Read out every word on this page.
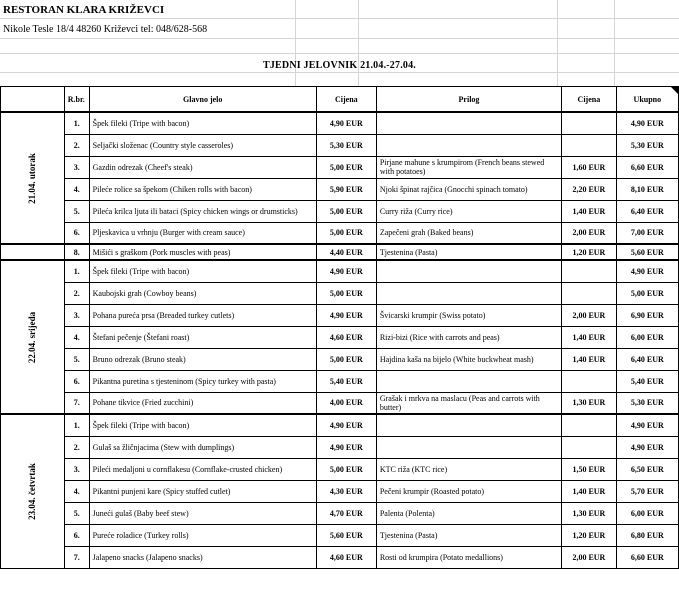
RESTORAN KLARA KRIŽEVCI
Nikole Tesle 18/4 48260 Križevci tel: 048/628-568
TJEDNI JELOVNIK 21.04.-27.04.
	R.br.	Glavno jelo	Cijena	Prilog	Cijena	Ukupno

21.04. utorak	1.	Špek fileki (Tripe with bacon)	4,90 EUR			4,90 EUR
	2.	Seljački složenac (Country style casseroles)	5,30 EUR			5,30 EUR
	3.	Gazdin odrezak (Cheef's steak)	5,00 EUR	Pirjane mahune s krumpirom (French beans stewed with potatoes)	1,60 EUR	6,60 EUR
	4.	Pileće rolice sa špekom (Chiken rolls with bacon)	5,90 EUR	Njoki špinat rajčica (Gnocchi spinach tomato)	2,20 EUR	8,10 EUR
	5.	Pileća krilca ljuta ili bataci (Spicy chicken wings or drumsticks)	5,00 EUR	Curry riža (Curry rice)	1,40 EUR	6,40 EUR
	6.	Pljeskavica u vrhnju (Burger with cream sauce)	5,00 EUR	Zapečeni grah (Baked beans)	2,00 EUR	7,00 EUR
	8.	Mišići s graškom (Pork muscles with peas)	4,40 EUR	Tjestenina (Pasta)	1,20 EUR	5,60 EUR
22.04. srijeda	1.	Špek fileki (Tripe with bacon)	4,90 EUR			4,90 EUR
	2.	Kaubojski grah (Cowboy beans)	5,00 EUR			5,00 EUR
	3.	Pohana pureća prsa (Breaded turkey cutlets)	4,90 EUR	Švicarski krumpir (Swiss potato)	2,00 EUR	6,90 EUR
	4.	Štefani pečenje (Štefani roast)	4,60 EUR	Rizi-bizi (Rice with carrots and peas)	1,40 EUR	6,00 EUR
	5.	Bruno odrezak (Bruno steak)	5,00 EUR	Hajdina kaša na bijelo (White buckwheat mash)	1,40 EUR	6,40 EUR
	6.	Pikantna puretina s tjesteninom (Spicy turkey with pasta)	5,40 EUR			5,40 EUR
	7.	Pohane tikvice (Fried zucchini)	4,00 EUR	Grašak i mrkva na maslacu (Peas and carrots with butter)	1,30 EUR	5,30 EUR
23.04. četvrtak	1.	Špek fileki (Tripe with bacon)	4,90 EUR			4,90 EUR
	2.	Gulaš sa žličnjacima (Stew with dumplings)	4,90 EUR			4,90 EUR
	3.	Pileći medaljoni u cornflakesu (Cornflake-crusted chicken)	5,00 EUR	KTC riža (KTC rice)	1,50 EUR	6,50 EUR
	4.	Pikantni punjeni kare (Spicy stuffed cutlet)	4,30 EUR	Pečeni krumpir (Roasted potato)	1,40 EUR	5,70 EUR
	5.	Juneći gulaš (Baby beef stew)	4,70 EUR	Palenta (Polenta)	1,30 EUR	6,00 EUR
	6.	Pureće roladice (Turkey rolls)	5,60 EUR	Tjestenina (Pasta)	1,20 EUR	6,80 EUR
	7.	Jalapeno snacks (Jalapeno snacks)	4,60 EUR	Rosti od krumpira (Potato medallions)	2,00 EUR	6,60 EUR
